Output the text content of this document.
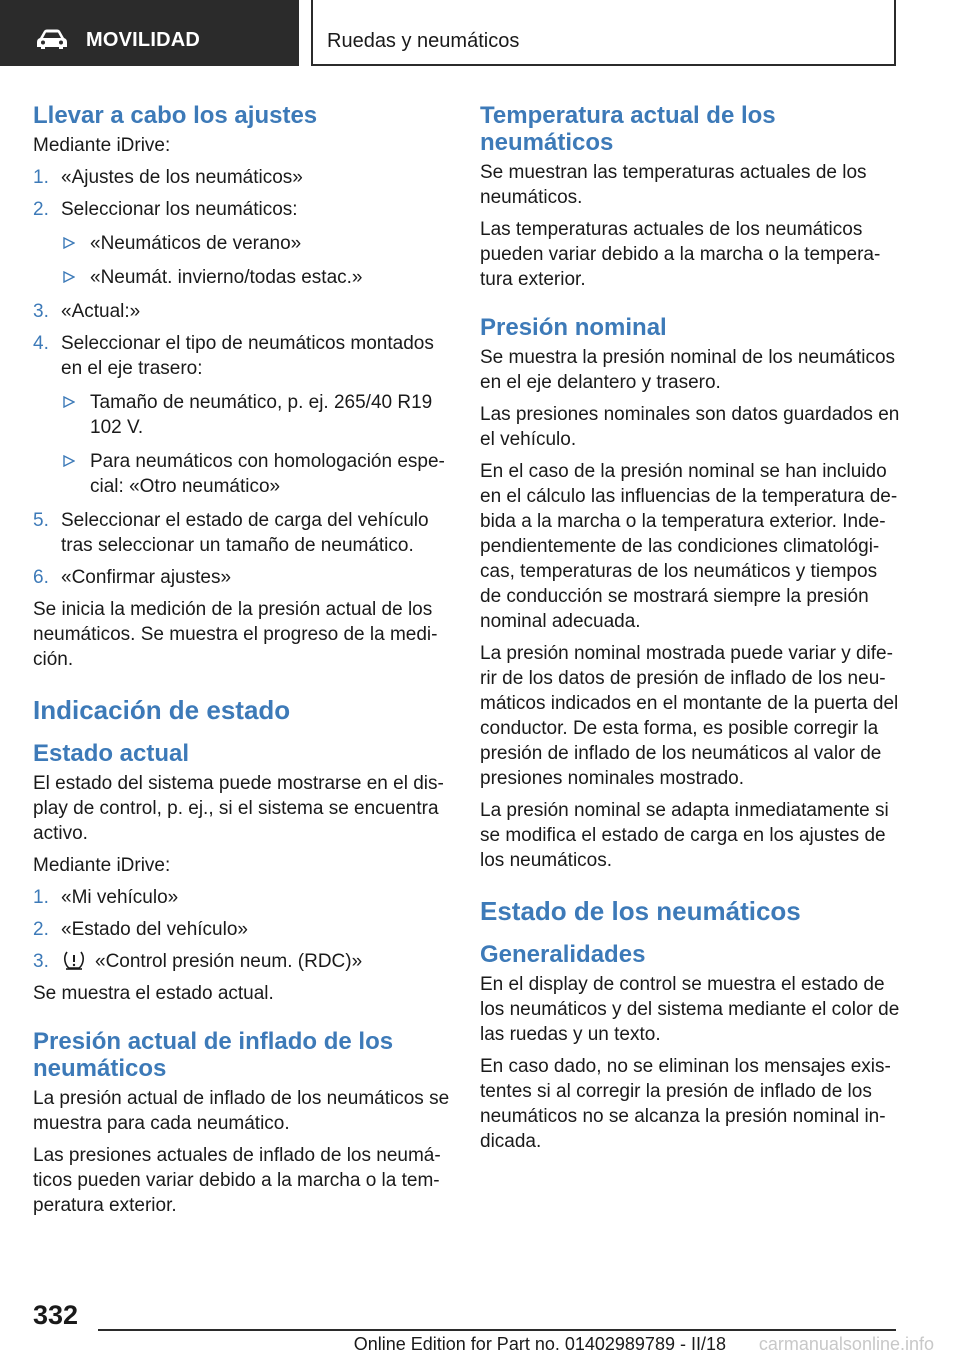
MOVILIDAD	Ruedas y neumáticos
Llevar a cabo los ajustes
Mediante iDrive:
1. «Ajustes de los neumáticos»
2. Seleccionar los neumáticos:
«Neumáticos de verano»
«Neumát. invierno/todas estac.»
3. «Actual:»
4. Seleccionar el tipo de neumáticos montados en el eje trasero:
Tamaño de neumático, p. ej. 265/40 R19 102 V.
Para neumáticos con homologación espe‐cial: «Otro neumático»
5. Seleccionar el estado de carga del vehículo tras seleccionar un tamaño de neumático.
6. «Confirmar ajustes»
Se inicia la medición de la presión actual de los neumáticos. Se muestra el progreso de la medi‐ción.
Indicación de estado
Estado actual
El estado del sistema puede mostrarse en el dis‐play de control, p. ej., si el sistema se encuentra activo.
Mediante iDrive:
1. «Mi vehículo»
2. «Estado del vehículo»
3. «Control presión neum. (RDC)»
Se muestra el estado actual.
Presión actual de inflado de los neumáticos
La presión actual de inflado de los neumáticos se muestra para cada neumático.
Las presiones actuales de inflado de los neumá‐ticos pueden variar debido a la marcha o la tem‐peratura exterior.
Temperatura actual de los neumáticos
Se muestran las temperaturas actuales de los neumáticos.
Las temperaturas actuales de los neumáticos pueden variar debido a la marcha o la tempera‐tura exterior.
Presión nominal
Se muestra la presión nominal de los neumáticos en el eje delantero y trasero.
Las presiones nominales son datos guardados en el vehículo.
En el caso de la presión nominal se han incluido en el cálculo las influencias de la temperatura de‐bida a la marcha o la temperatura exterior. Inde‐pendientemente de las condiciones climatológi‐cas, temperaturas de los neumáticos y tiempos de conducción se mostrará siempre la presión nominal adecuada.
La presión nominal mostrada puede variar y dife‐rir de los datos de presión de inflado de los neu‐máticos indicados en el montante de la puerta del conductor. De esta forma, es posible corregir la presión de inflado de los neumáticos al valor de presiones nominales mostrado.
La presión nominal se adapta inmediatamente si se modifica el estado de carga en los ajustes de los neumáticos.
Estado de los neumáticos
Generalidades
En el display de control se muestra el estado de los neumáticos y del sistema mediante el color de las ruedas y un texto.
En caso dado, no se eliminan los mensajes exis‐tentes si al corregir la presión de inflado de los neumáticos no se alcanza la presión nominal in‐dicada.
332
Online Edition for Part no. 01402989789 - II/18	carmanualsonline.info
